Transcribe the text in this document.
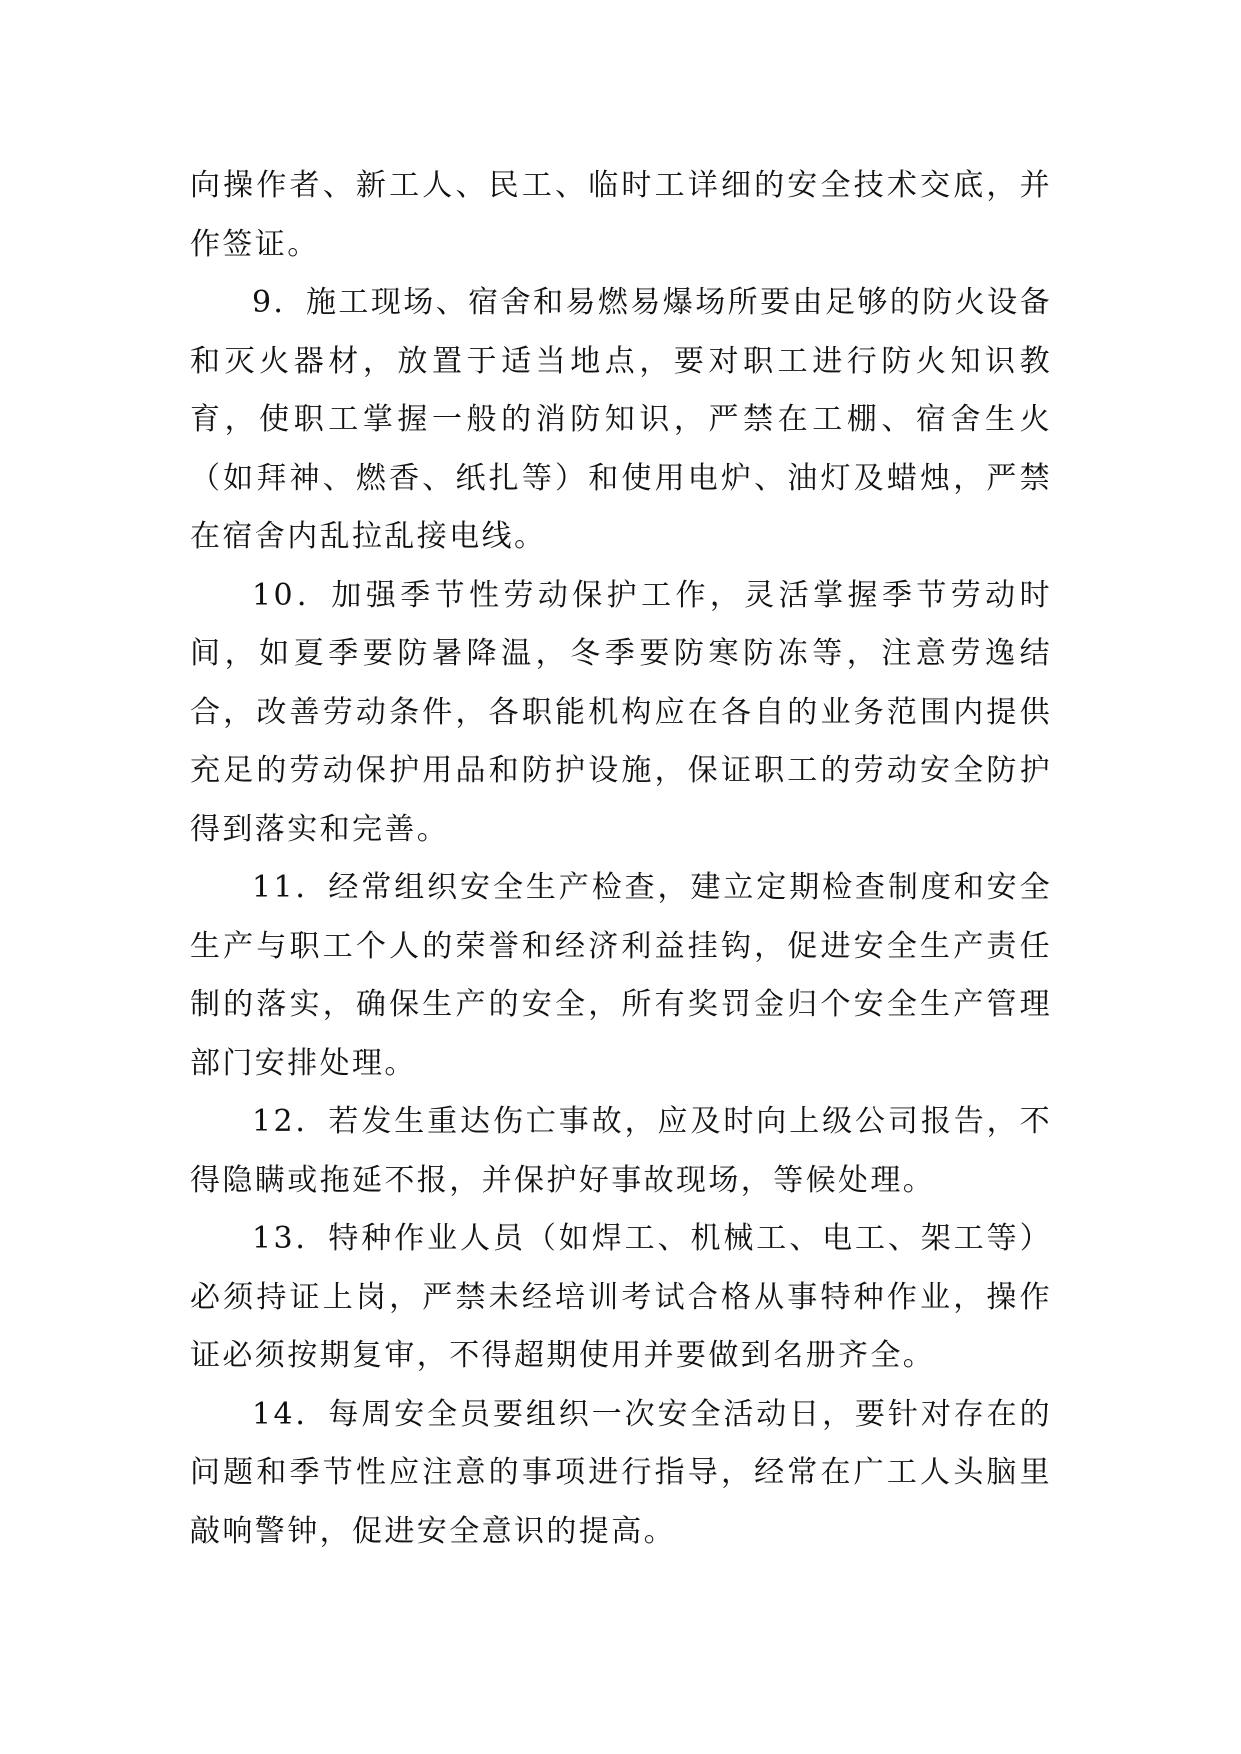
向操作者、新工人、民工、临时工详细的安全技术交底，并作签证。

9．施工现场、宿舍和易燃易爆场所要由足够的防火设备和灭火器材，放置于适当地点，要对职工进行防火知识教育，使职工掌握一般的消防知识，严禁在工棚、宿舍生火（如拜神、燃香、纸扎等）和使用电炉、油灯及蜡烛，严禁在宿舍内乱拉乱接电线。

10．加强季节性劳动保护工作，灵活掌握季节劳动时间，如夏季要防暑降温，冬季要防寒防冻等，注意劳逸结合，改善劳动条件，各职能机构应在各自的业务范围内提供充足的劳动保护用品和防护设施，保证职工的劳动安全防护得到落实和完善。

11．经常组织安全生产检查，建立定期检查制度和安全生产与职工个人的荣誉和经济利益挂钩，促进安全生产责任制的落实，确保生产的安全，所有奖罚金归个安全生产管理部门安排处理。

12．若发生重达伤亡事故，应及时向上级公司报告，不得隐瞒或拖延不报，并保护好事故现场，等候处理。

13．特种作业人员（如焊工、机械工、电工、架工等）必须持证上岗，严禁未经培训考试合格从事特种作业，操作证必须按期复审，不得超期使用并要做到名册齐全。

14．每周安全员要组织一次安全活动日，要针对存在的问题和季节性应注意的事项进行指导，经常在广工人头脑里敲响警钟，促进安全意识的提高。
